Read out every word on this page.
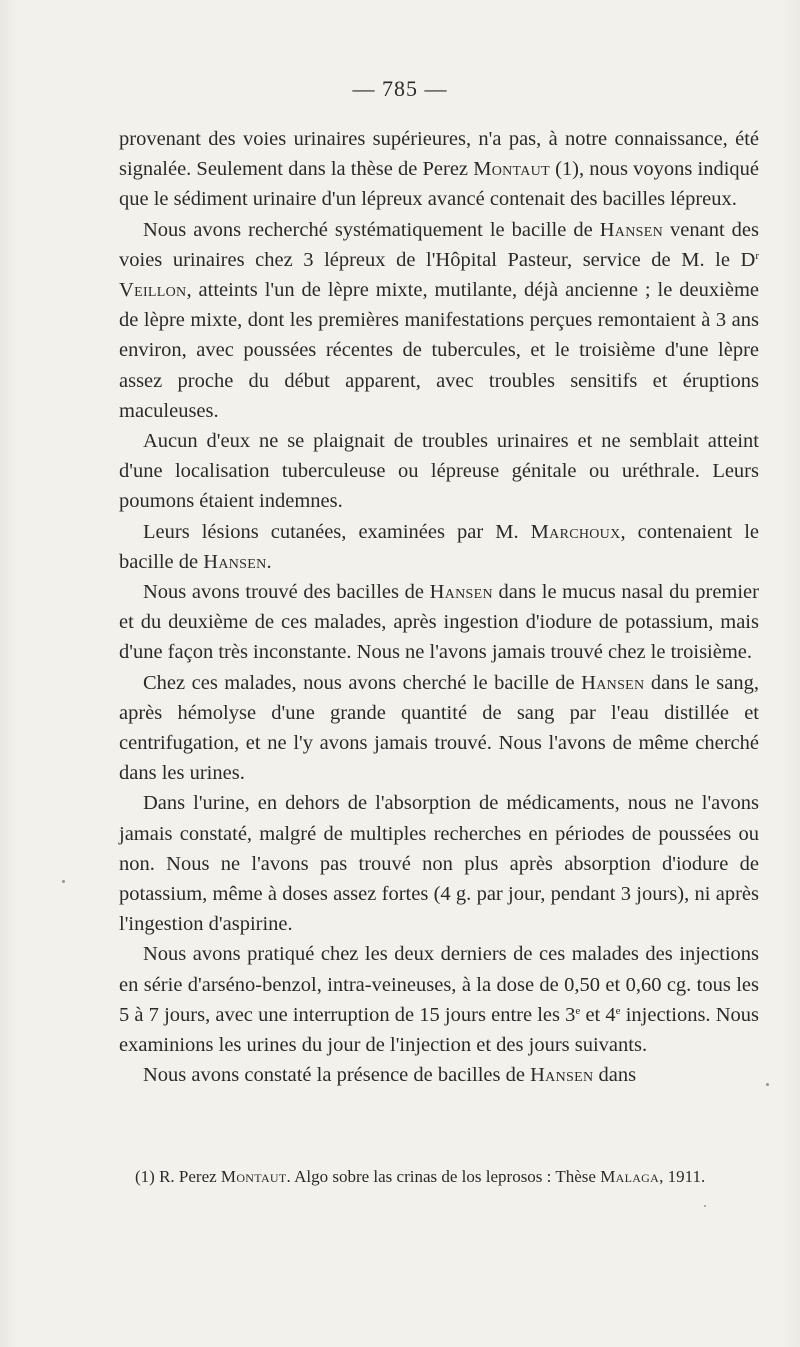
— 785 —

provenant des voies urinaires supérieures, n'a pas, à notre connaissance, été signalée. Seulement dans la thèse de Perez Montaut (1), nous voyons indiqué que le sédiment urinaire d'un lépreux avancé contenait des bacilles lépreux.

Nous avons recherché systématiquement le bacille de Hansen venant des voies urinaires chez 3 lépreux de l'Hôpital Pasteur, service de M. le $D^r$ Veillon, atteints l'un de lèpre mixte, mutilante, déjà ancienne ; le deuxième de lèpre mixte, dont les premières manifestations perçues remontaient à 3 ans environ, avec poussées récentes de tubercules, et le troisième d'une lèpre assez proche du début apparent, avec troubles sensitifs et éruptions maculeuses.

Aucun d'eux ne se plaignait de troubles urinaires et ne semblait atteint d'une localisation tuberculeuse ou lépreuse génitale ou uréthrale. Leurs poumons étaient indemnes.

Leurs lésions cutanées, examinées par M. Marchoux, contenaient le bacille de Hansen.

Nous avons trouvé des bacilles de Hansen dans le mucus nasal du premier et du deuxième de ces malades, après ingestion d'iodure de potassium, mais d'une façon très inconstante. Nous ne l'avons jamais trouvé chez le troisième.

Chez ces malades, nous avons cherché le bacille de Hansen dans le sang, après hémolyse d'une grande quantité de sang par l'eau distillée et centrifugation, et ne l'y avons jamais trouvé. Nous l'avons de même cherché dans les urines.

Dans l'urine, en dehors de l'absorption de médicaments, nous ne l'avons jamais constaté, malgré de multiples recherches en périodes de poussées ou non. Nous ne l'avons pas trouvé non plus après absorption d'iodure de potassium, même à doses assez fortes (4 g. par jour, pendant 3 jours), ni après l'ingestion d'aspirine.

Nous avons pratiqué chez les deux derniers de ces malades des injections en série d'arséno-benzol, intra-veineuses, à la dose de 0,50 et 0,60 cg. tous les 5 à 7 jours, avec une interruption de 15 jours entre les 3e et 4e injections. Nous examinions les urines du jour de l'injection et des jours suivants.

Nous avons constaté la présence de bacilles de Hansen dans

(1) R. Perez Montaut. Algo sobre las crinas de los leprosos : Thèse Malaga, 1911.
